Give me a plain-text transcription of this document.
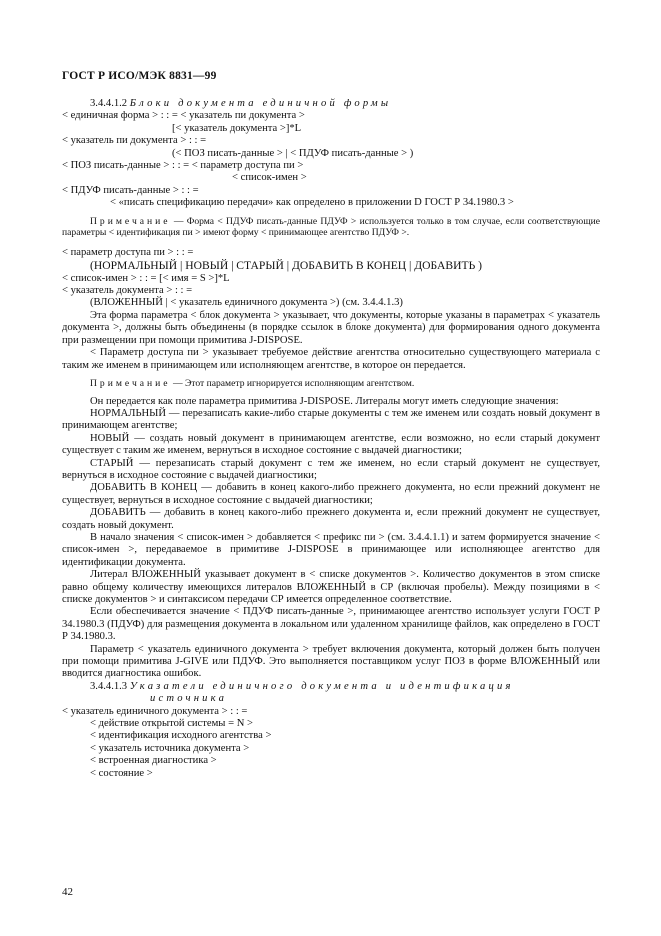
ГОСТ Р ИСО/МЭК 8831—99

3.4.4.1.2 Блоки документа единичной формы

< единичная форма > : : = < указатель пи документа >

[< указатель документа >]*L

< указатель пи документа > : : =

(< ПОЗ писать-данные > | < ПДУФ писать-данные > )

< ПОЗ писать-данные > : : = < параметр доступа пи >

< список-имен >

< ПДУФ писать-данные > : : =

< «писать спецификацию передачи» как определено в приложении D ГОСТ Р 34.1980.3 >

Примечание — Форма < ПДУФ писать-данные ПДУФ > используется только в том случае, если соответствующие параметры < идентификация пи > имеют форму < принимающее агентство ПДУФ >.

< параметр доступа пи > : : =

(НОРМАЛЬНЫЙ | НОВЫЙ | СТАРЫЙ | ДОБАВИТЬ В КОНЕЦ | ДОБАВИТЬ )

< список-имен > : : = [< имя = S >]*L

< указатель документа > : : =

(ВЛОЖЕННЫЙ | < указатель единичного документа >) (см. 3.4.4.1.3)

Эта форма параметра < блок документа > указывает, что документы, которые указаны в параметрах < указатель документа >, должны быть объединены (в порядке ссылок в блоке документа) для формирования одного документа при размещении при помощи примитива J-DISPOSE.

< Параметр доступа пи > указывает требуемое действие агентства относительно существующего материала с таким же именем в принимающем или исполняющем агентстве, в которое он передается.

Примечание — Этот параметр игнорируется исполняющим агентством.

Он передается как поле параметра примитива J-DISPOSE. Литералы могут иметь следующие значения:

НОРМАЛЬНЫЙ — перезаписать какие-либо старые документы с тем же именем или создать новый документ в принимающем агентстве;

НОВЫЙ — создать новый документ в принимающем агентстве, если возможно, но если старый документ существует с таким же именем, вернуться в исходное состояние с выдачей диагностики;

СТАРЫЙ — перезаписать старый документ с тем же именем, но если старый документ не существует, вернуться в исходное состояние с выдачей диагностики;

ДОБАВИТЬ В КОНЕЦ — добавить в конец какого-либо прежнего документа, но если прежний документ не существует, вернуться в исходное состояние с выдачей диагностики;

ДОБАВИТЬ — добавить в конец какого-либо прежнего документа и, если прежний документ не существует, создать новый документ.

В начало значения < список-имен > добавляется < префикс пи > (см. 3.4.4.1.1) и затем формируется значение < список-имен >, передаваемое в примитиве J-DISPOSE в принимающее или исполняющее агентство для идентификации документа.

Литерал ВЛОЖЕННЫЙ указывает документ в < списке документов >. Количество документов в этом списке равно общему количеству имеющихся литералов ВЛОЖЕННЫЙ в СР (включая пробелы). Между позициями в < списке документов > и синтаксисом передачи СР имеется определенное соответствие.

Если обеспечивается значение < ПДУФ писать-данные >, принимающее агентство использует услуги ГОСТ Р 34.1980.3 (ПДУФ) для размещения документа в локальном или удаленном хранилище файлов, как определено в ГОСТ Р 34.1980.3.

Параметр < указатель единичного документа > требует включения документа, который должен быть получен при помощи примитива J-GIVE или ПДУФ. Это выполняется поставщиком услуг ПОЗ в форме ВЛОЖЕННЫЙ или вводится диагностика ошибок.

3.4.4.1.3 Указатели единичного документа и идентификация

источника

< указатель единичного документа > : : =

< действие открытой системы = N >

< идентификация исходного агентства >

< указатель источника документа >

< встроенная диагностика >

< состояние >

42
